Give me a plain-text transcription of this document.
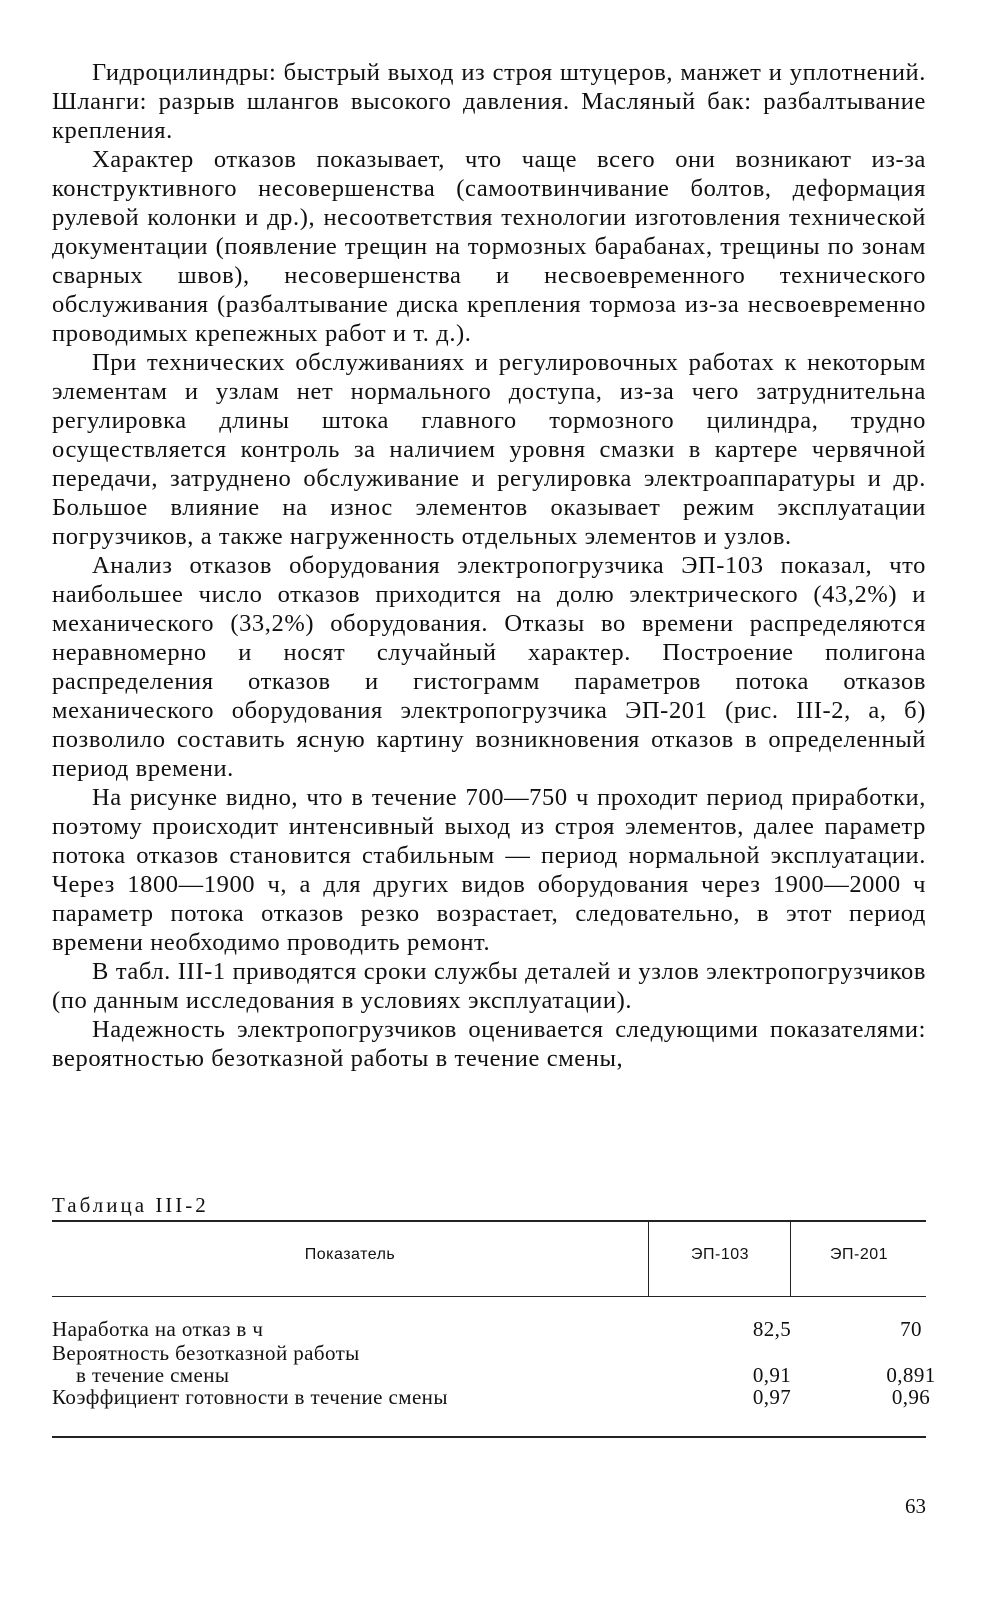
Гидроцилиндры: быстрый выход из строя штуцеров, манжет и уплотнений. Шланги: разрыв шлангов высокого давления. Масляный бак: разбалтывание крепления.

Характер отказов показывает, что чаще всего они возникают из-за конструктивного несовершенства (самоотвинчивание болтов, деформация рулевой колонки и др.), несоответствия технологии изготовления технической документации (появление трещин на тормозных барабанах, трещины по зонам сварных швов), несовершенства и несвоевременного технического обслуживания (разбалтывание диска крепления тормоза из-за несвоевременно проводимых крепежных работ и т. д.).

При технических обслуживаниях и регулировочных работах к некоторым элементам и узлам нет нормального доступа, из-за чего затруднительна регулировка длины штока главного тормозного цилиндра, трудно осуществляется контроль за наличием уровня смазки в картере червячной передачи, затруднено обслуживание и регулировка электроаппаратуры и др. Большое влияние на износ элементов оказывает режим эксплуатации погрузчиков, а также нагруженность отдельных элементов и узлов.

Анализ отказов оборудования электропогрузчика ЭП-103 показал, что наибольшее число отказов приходится на долю электрического (43,2%) и механического (33,2%) оборудования. Отказы во времени распределяются неравномерно и носят случайный характер. Построение полигона распределения отказов и гистограмм параметров потока отказов механического оборудования электропогрузчика ЭП-201 (рис. III-2, а, б) позволило составить ясную картину возникновения отказов в определенный период времени.

На рисунке видно, что в течение 700—750 ч проходит период приработки, поэтому происходит интенсивный выход из строя элементов, далее параметр потока отказов становится стабильным — период нормальной эксплуатации. Через 1800—1900 ч, а для других видов оборудования через 1900—2000 ч параметр потока отказов резко возрастает, следовательно, в этот период времени необходимо проводить ремонт.

В табл. III-1 приводятся сроки службы деталей и узлов электропогрузчиков (по данным исследования в условиях эксплуатации).

Надежность электропогрузчиков оценивается следующими показателями: вероятностью безотказной работы в течение смены,

Таблица III-2
Показатель	ЭП-103	ЭП-201
Наработка на отказ в ч	82,5	70
Вероятность безотказной работы
в течение смены	0,91	0,891
Коэффициент готовности в течение смены	0,97	0,96
63
